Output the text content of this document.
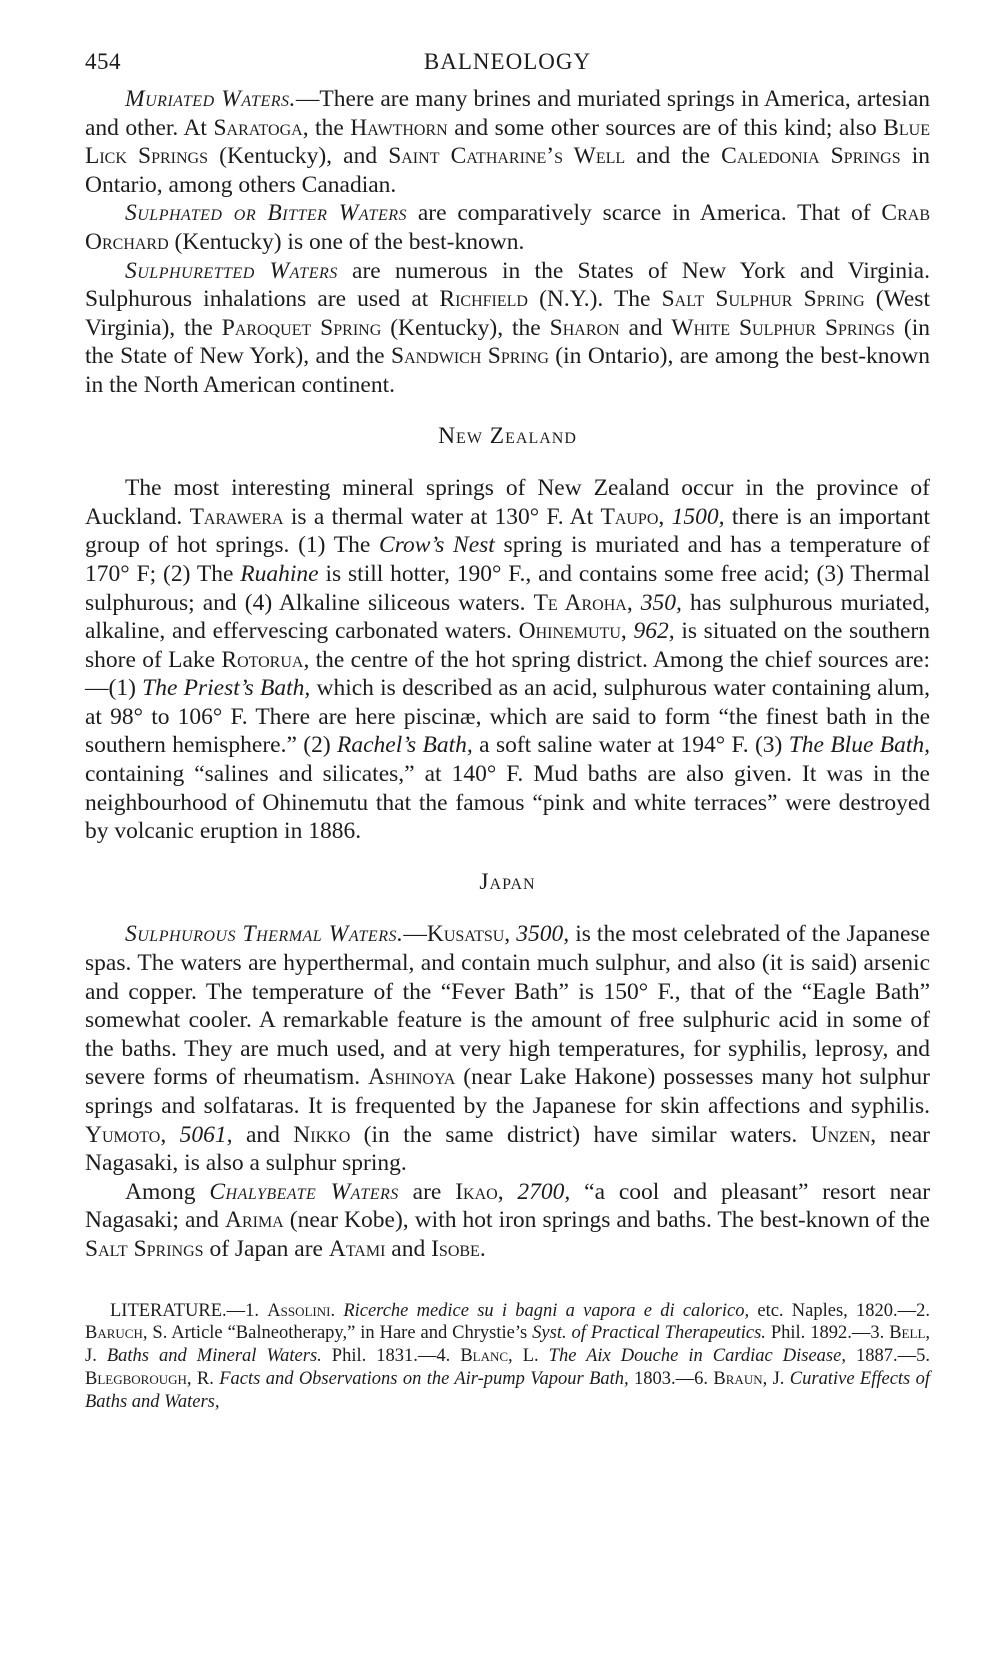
454	BALNEOLOGY

Muriated Waters.—There are many brines and muriated springs in America, artesian and other. At Saratoga, the Hawthorn and some other sources are of this kind; also Blue Lick Springs (Kentucky), and Saint Catharine’s Well and the Caledonia Springs in Ontario, among others Canadian.

Sulphated or Bitter Waters are comparatively scarce in America. That of Crab Orchard (Kentucky) is one of the best-known.

Sulphuretted Waters are numerous in the States of New York and Virginia. Sulphurous inhalations are used at Richfield (N.Y.). The Salt Sulphur Spring (West Virginia), the Paroquet Spring (Kentucky), the Sharon and White Sulphur Springs (in the State of New York), and the Sandwich Spring (in Ontario), are among the best-known in the North American continent.

New Zealand

The most interesting mineral springs of New Zealand occur in the province of Auckland. Tarawera is a thermal water at 130° F. At Taupo, 1500, there is an important group of hot springs. (1) The Crow’s Nest spring is muriated and has a temperature of 170° F; (2) The Ruahine is still hotter, 190° F., and contains some free acid; (3) Thermal sulphurous; and (4) Alkaline siliceous waters. Te Aroha, 350, has sulphurous muriated, alkaline, and effervescing carbonated waters. Ohinemutu, 962, is situated on the southern shore of Lake Rotorua, the centre of the hot spring district. Among the chief sources are:—(1) The Priest’s Bath, which is described as an acid, sulphurous water containing alum, at 98° to 106° F. There are here piscinæ, which are said to form “the finest bath in the southern hemisphere.” (2) Rachel’s Bath, a soft saline water at 194° F. (3) The Blue Bath, containing “salines and silicates,” at 140° F. Mud baths are also given. It was in the neighbourhood of Ohinemutu that the famous “pink and white terraces” were destroyed by volcanic eruption in 1886.

Japan

Sulphurous Thermal Waters.—Kusatsu, 3500, is the most celebrated of the Japanese spas. The waters are hyperthermal, and contain much sulphur, and also (it is said) arsenic and copper. The temperature of the “Fever Bath” is 150° F., that of the “Eagle Bath” somewhat cooler. A remarkable feature is the amount of free sulphuric acid in some of the baths. They are much used, and at very high temperatures, for syphilis, leprosy, and severe forms of rheumatism. Ashinoya (near Lake Hakone) possesses many hot sulphur springs and solfataras. It is frequented by the Japanese for skin affections and syphilis. Yumoto, 5061, and Nikko (in the same district) have similar waters. Unzen, near Nagasaki, is also a sulphur spring.

Among Chalybeate Waters are Ikao, 2700, “a cool and pleasant” resort near Nagasaki; and Arima (near Kobe), with hot iron springs and baths. The best-known of the Salt Springs of Japan are Atami and Isobe.

LITERATURE.—1. Assolini. Ricerche medice su i bagni a vapora e di calorico, etc. Naples, 1820.—2. Baruch, S. Article “Balneotherapy,” in Hare and Chrystie’s Syst. of Practical Therapeutics. Phil. 1892.—3. Bell, J. Baths and Mineral Waters. Phil. 1831.—4. Blanc, L. The Aix Douche in Cardiac Disease, 1887.—5. Blegborough, R. Facts and Observations on the Air-pump Vapour Bath, 1803.—6. Braun, J. Curative Effects of Baths and Waters,
